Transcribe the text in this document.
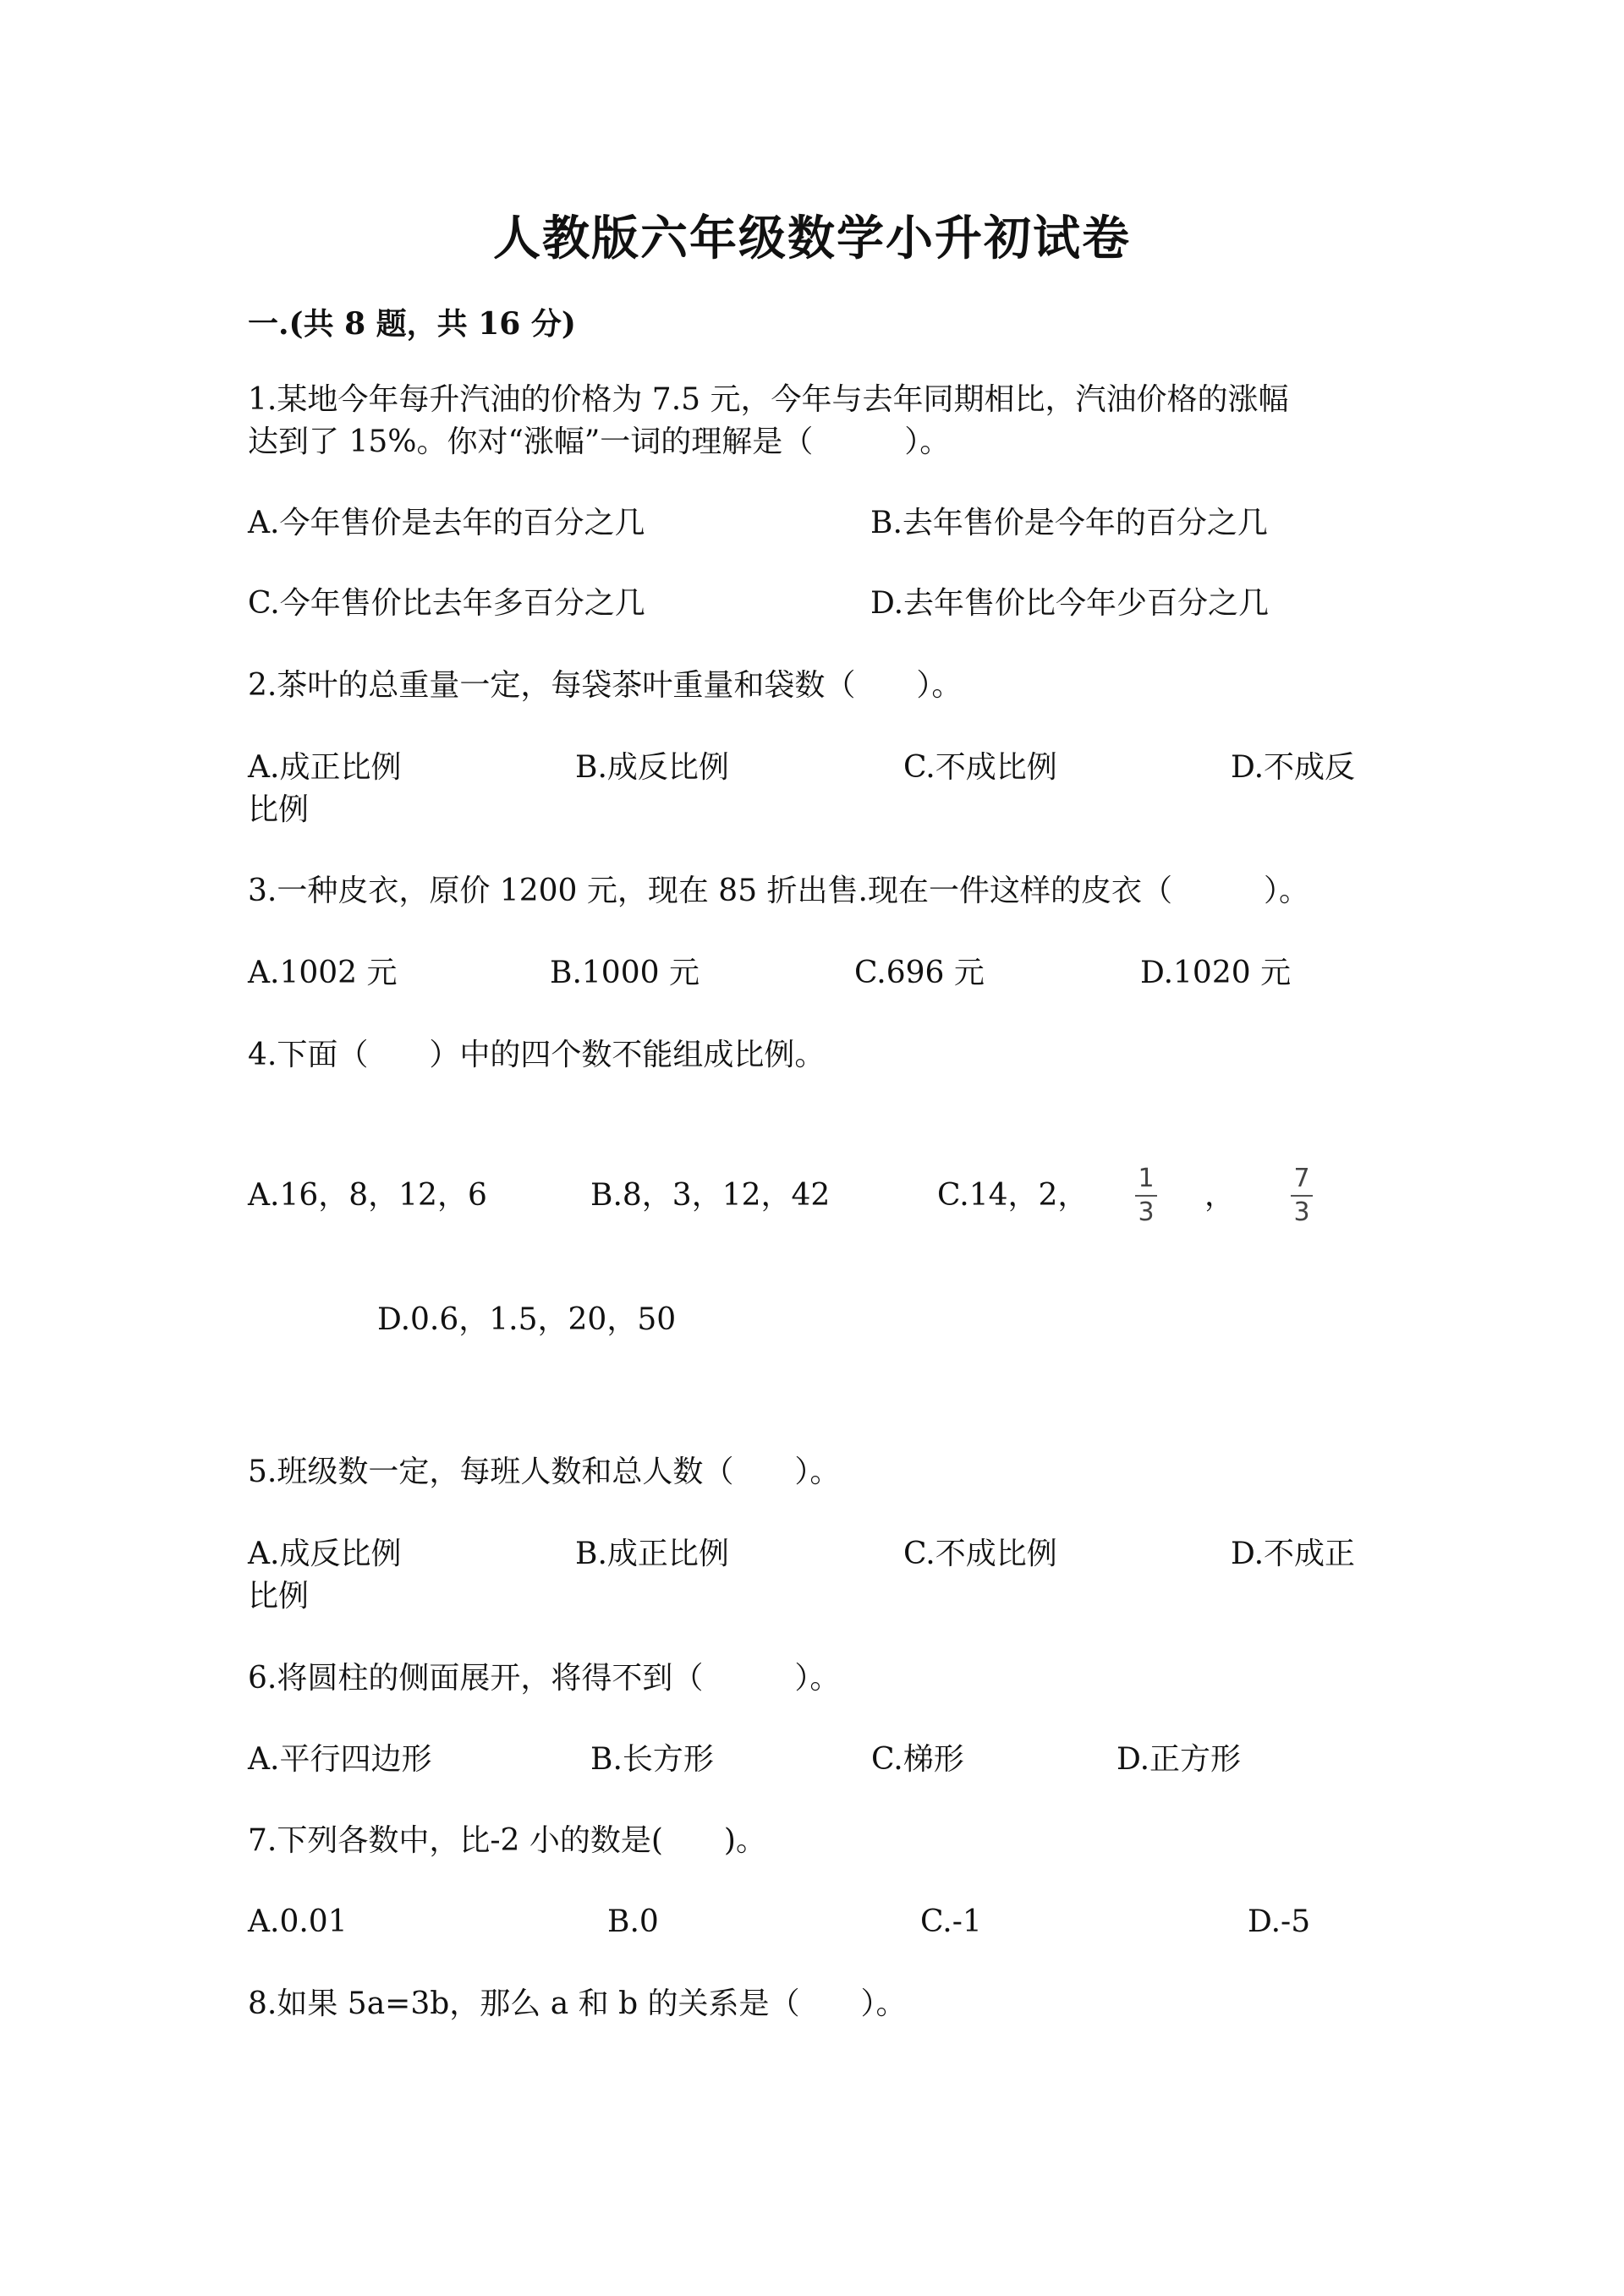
人教版六年级数学小升初试卷
一.(共 8 题，共 16 分)
1.某地今年每升汽油的价格为 7.5 元，今年与去年同期相比，汽油价格的涨幅
达到了 15%。你对“涨幅”一词的理解是（　　　）。
A.今年售价是去年的百分之几	B.去年售价是今年的百分之几
C.今年售价比去年多百分之几	D.去年售价比今年少百分之几
2.茶叶的总重量一定，每袋茶叶重量和袋数（　　）。
A.成正比例	B.成反比例	C.不成比例	D.不成反
比例
3.一种皮衣，原价 1200 元，现在 85 折出售.现在一件这样的皮衣（　　　）。
A.1002 元	B.1000 元	C.696 元	D.1020 元
4.下面（　　）中的四个数不能组成比例。
A.16，8，12，6	B.8，3，12，42	C.14，2， 1
3 ， 7
3
D.0.6，1.5，20，50
5.班级数一定，每班人数和总人数（　　）。
A.成反比例	B.成正比例	C.不成比例	D.不成正
比例
6.将圆柱的侧面展开，将得不到（　　　）。
A.平行四边形	B.长方形	C.梯形	D.正方形
7.下列各数中，比-2 小的数是(　　)。
A.0.01	B.0	C.-1	D.-5
8.如果 5a=3b，那么 a 和 b 的关系是（　　）。
